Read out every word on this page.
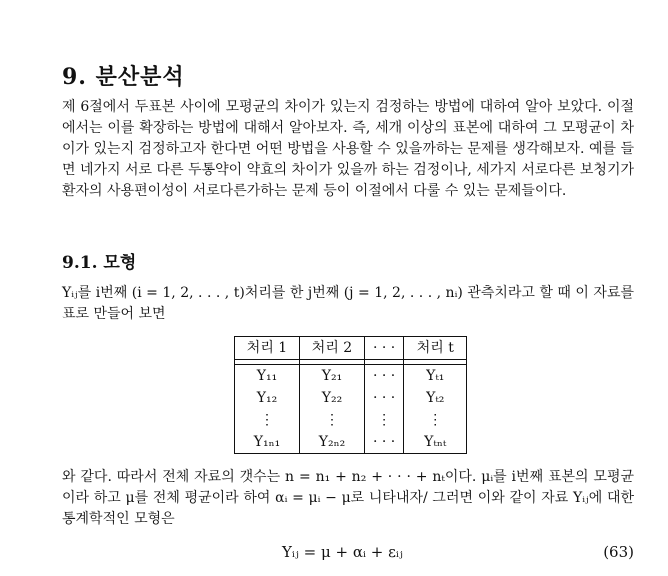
9. 분산분석
제 6절에서 두표본 사이에 모평균의 차이가 있는지 검정하는 방법에 대하여 알아 보았다. 이절에서는 이를 확장하는 방법에 대해서 알아보자. 즉, 세개 이상의 표본에 대하여 그 모평균이 차이가 있는지 검정하고자 한다면 어떤 방법을 사용할 수 있을까하는 문제를 생각해보자. 예를 들면 네가지 서로 다른 두통약이 약효의 차이가 있을까 하는 검정이나, 세가지 서로다른 보청기가 환자의 사용편이성이 서로다른가하는 문제 등이 이절에서 다룰 수 있는 문제들이다.
9.1. 모형
Yᵢⱼ를 i번째 (i = 1, 2, . . . , t)처리를 한 j번째 (j = 1, 2, . . . , nᵢ) 관측치라고 할 때 이 자료를 표로 만들어 보면
처리 1	처리 2	· · ·	처리 t

Y₁₁	Y₂₁	· · ·	Yₜ₁
Y₁₂	Y₂₂	· · ·	Yₜ₂
⋮	⋮	⋮	⋮
Y₁ₙ₁	Y₂ₙ₂	· · ·	Yₜₙₜ
와 같다. 따라서 전체 자료의 갯수는 n = n₁ + n₂ + · · · + nₜ이다. μᵢ를 i번째 표본의 모평균이라 하고 μ를 전체 평균이라 하여 αᵢ = μᵢ − μ로 니타내자/ 그러면 이와 같이 자료 Yᵢⱼ에 대한 통계학적인 모형은
Yᵢⱼ = μ + αᵢ + εᵢⱼ	(63)
